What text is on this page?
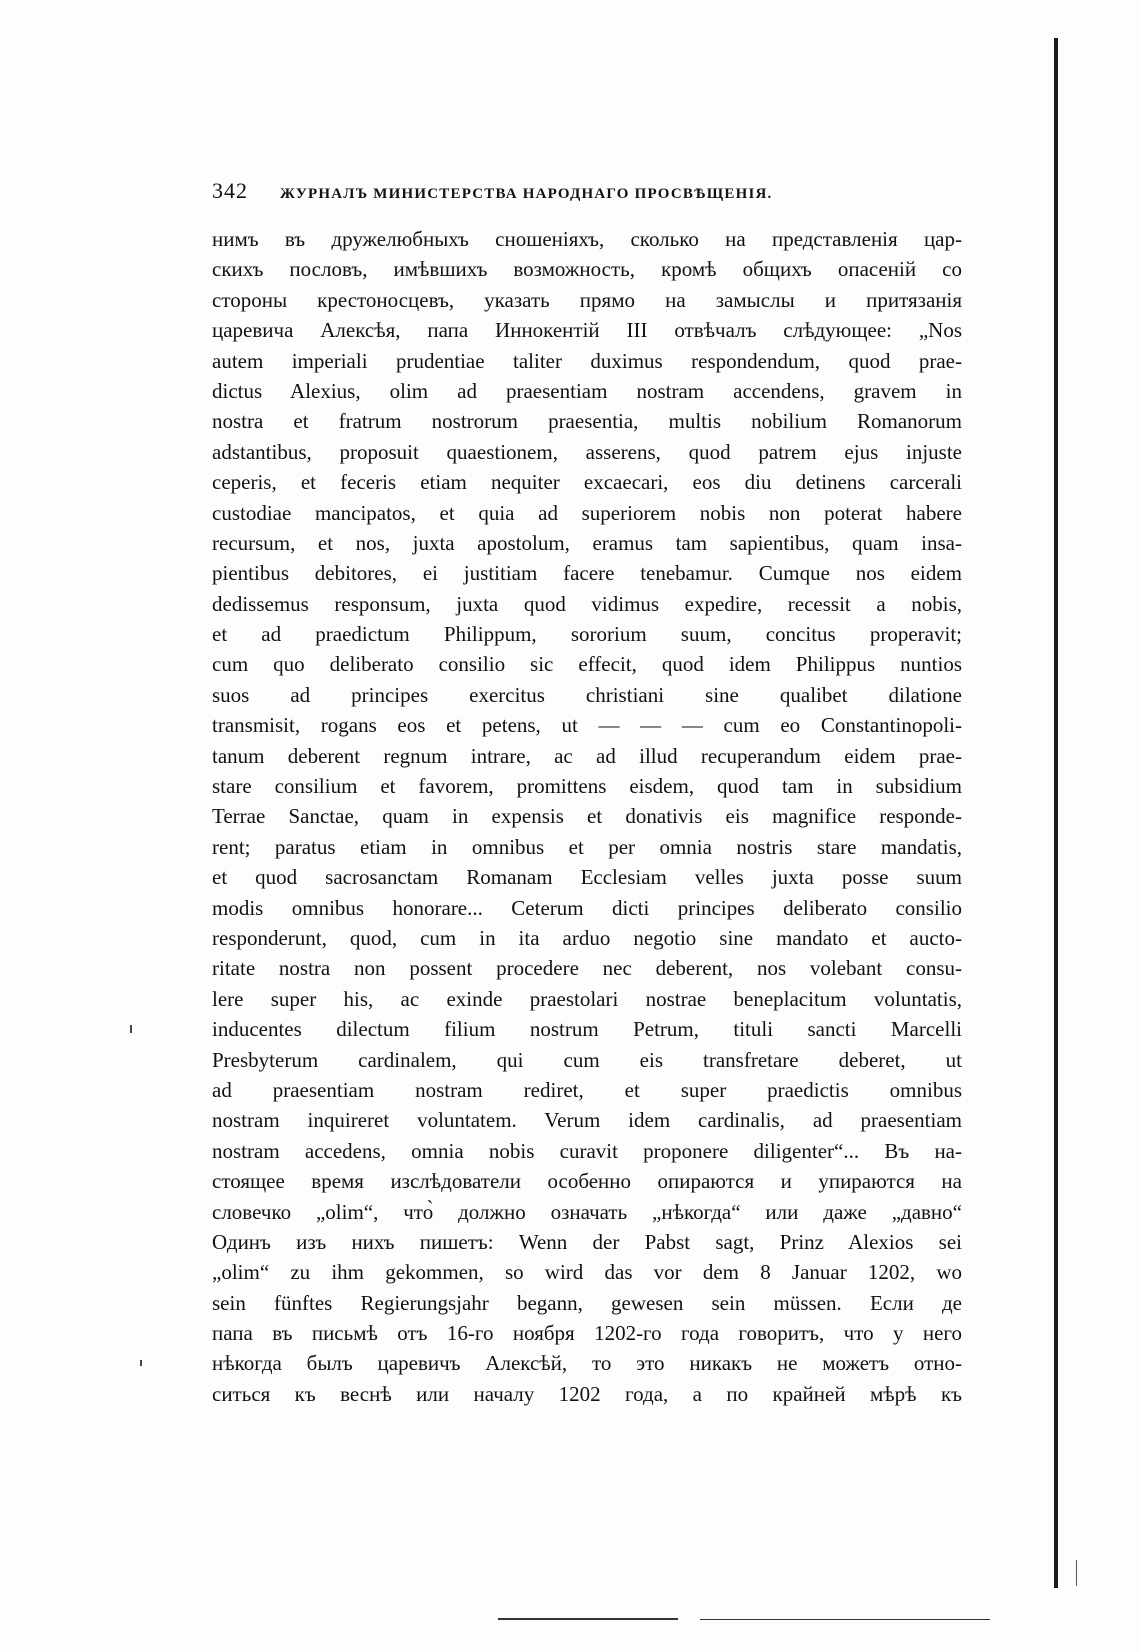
342	ЖУРНАЛЪ МИНИСТЕРСТВА НАРОДНАГО ПРОСВѢЩЕНІЯ.
нимъ въ дружелюбныхъ сношеніяхъ, сколько на представленія цар-
скихъ пословъ, имѣвшихъ возможность, кромѣ общихъ опасеній со
стороны крестоносцевъ, указать прямо на замыслы и притязанія
царевича Алексѣя, папа Иннокентій III отвѣчалъ слѣдующее: „Nos
autem imperiali prudentiae taliter duximus respondendum, quod prae-
dictus Alexius, olim ad praesentiam nostram accendens, gravem in
nostra et fratrum nostrorum praesentia, multis nobilium Romanorum
adstantibus, proposuit quaestionem, asserens, quod patrem ejus injuste
ceperis, et feceris etiam nequiter excaecari, eos diu detinens carcerali
custodiae mancipatos, et quia ad superiorem nobis non poterat habere
recursum, et nos, juxta apostolum, eramus tam sapientibus, quam insa-
pientibus debitores, ei justitiam facere tenebamur. Cumque nos eidem
dedissemus responsum, juxta quod vidimus expedire, recessit a nobis,
et ad praedictum Philippum, sororium suum, concitus properavit;
cum quo deliberato consilio sic effecit, quod idem Philippus nuntios
suos ad principes exercitus christiani sine qualibet dilatione
transmisit, rogans eos et petens, ut — — — cum eo Constantinopoli-
tanum deberent regnum intrare, ac ad illud recuperandum eidem prae-
stare consilium et favorem, promittens eisdem, quod tam in subsidium
Terrae Sanctae, quam in expensis et donativis eis magnifice responde-
rent; paratus etiam in omnibus et per omnia nostris stare mandatis,
et quod sacrosanctam Romanam Ecclesiam velles juxta posse suum
modis omnibus honorare... Ceterum dicti principes deliberato consilio
responderunt, quod, cum in ita arduo negotio sine mandato et aucto-
ritate nostra non possent procedere nec deberent, nos volebant consu-
lere super his, ac exinde praestolari nostrae beneplacitum voluntatis,
inducentes dilectum filium nostrum Petrum, tituli sancti Marcelli
Presbyterum cardinalem, qui cum eis transfretare deberet, ut
ad praesentiam nostram rediret, et super praedictis omnibus
nostram inquireret voluntatem. Verum idem cardinalis, ad praesentiam
nostram accedens, omnia nobis curavit proponere diligenter“... Въ на-
стоящее время изслѣдователи особенно опираются и упираются на
словечко „olim“, что̀ должно означать „нѣкогда“ или даже „давно“
Одинъ изъ нихъ пишетъ: Wenn der Pabst sagt, Prinz Alexios sei
„olim“ zu ihm gekommen, so wird das vor dem 8 Januar 1202, wo
sein fünftes Regierungsjahr begann, gewesen sein müssen. Если де
папа въ письмѣ отъ 16-го ноября 1202-го года говоритъ, что у него
нѣкогда былъ царевичъ Алексѣй, то это никакъ не можетъ отно-
ситься къ веснѣ или началу 1202 года, а по крайней мѣрѣ къ
